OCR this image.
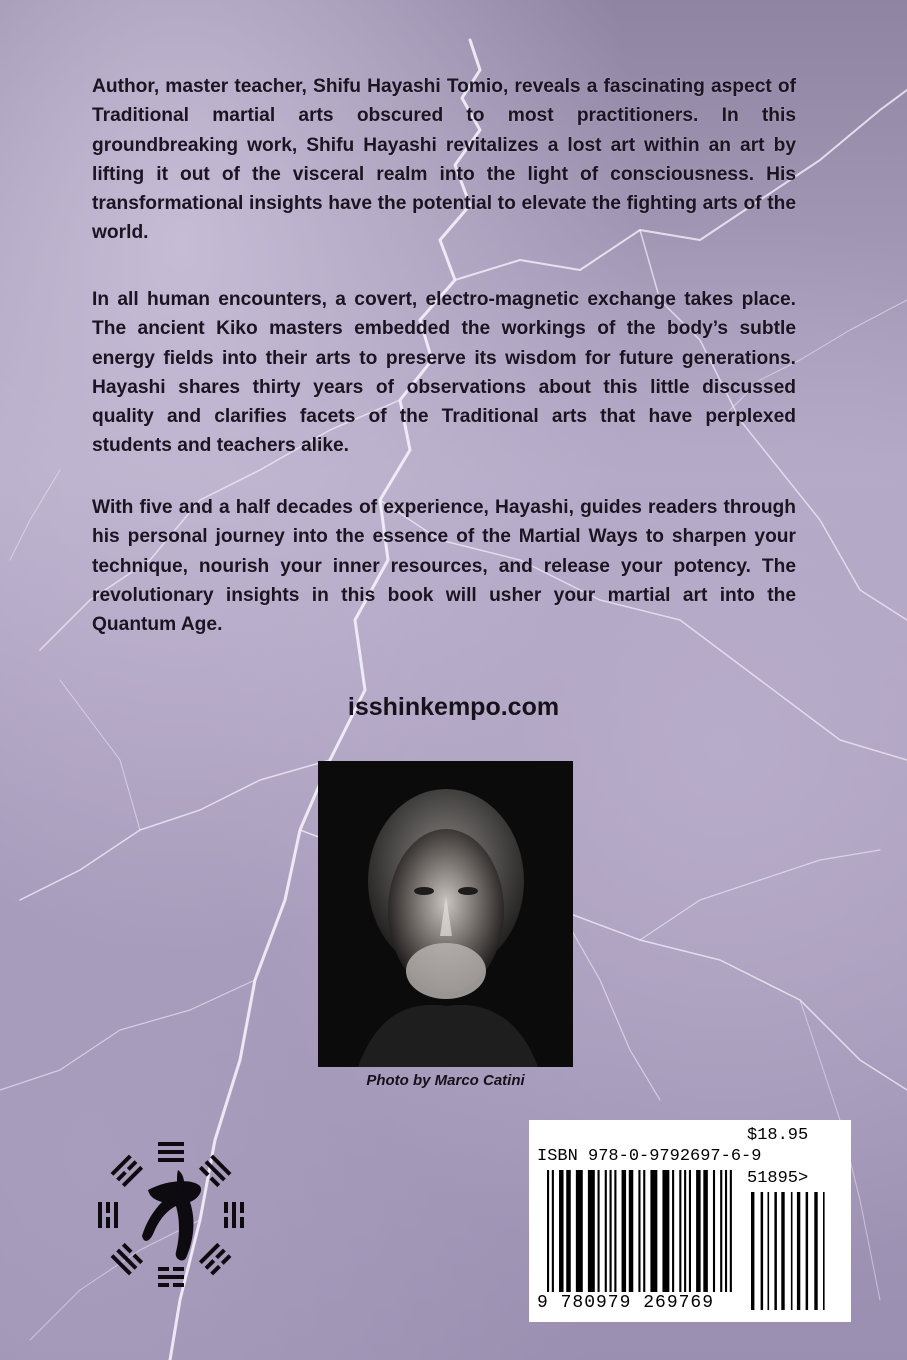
Author, master teacher, Shifu Hayashi Tomio, reveals a fascinating aspect of Traditional martial arts obscured to most practitioners. In this groundbreaking work, Shifu Hayashi revitalizes a lost art within an art by lifting it out of the visceral realm into the light of consciousness. His transformational insights have the potential to elevate the fighting arts of the world.

In all human encounters, a covert, electro-magnetic exchange takes place. The ancient Kiko masters embedded the workings of the body’s subtle energy fields into their arts to preserve its wisdom for future generations. Hayashi shares thirty years of observations about this little discussed quality and clarifies facets of the Traditional arts that have perplexed students and teachers alike.

With five and a half decades of experience, Hayashi, guides readers through his personal journey into the essence of the Martial Ways to sharpen your technique, nourish your inner resources, and release your potency. The revolutionary insights in this book will usher your martial art into the Quantum Age.

isshinkempo.com
Photo by Marco Catini
$18.95
ISBN 978-0-9792697-6-9
51895>
9 780979 269769
